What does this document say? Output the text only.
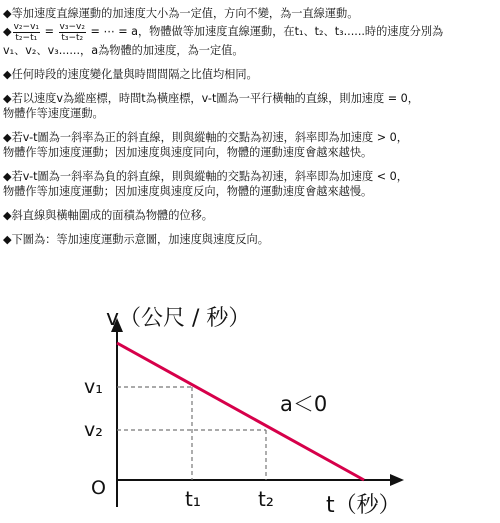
◆等加速度直線運動的加速度大小為一定值，方向不變，為一直線運動。

◆ $\frac{\text{v₂−v₁}}{\text{t₂−t₁}} = \frac{\text{v₃−v₂}}{\text{t₃−t₂}}$ = ⋯ = a，物體做等加速度直線運動，在t₁、t₂、t₃......時的速度分別為

v₁、v₂、v₃......，a為物體的加速度，為一定值。

◆任何時段的速度變化量與時間間隔之比值均相同。

◆若以速度v為縱座標，時間t為橫座標，v-t圖為一平行橫軸的直線，則加速度 = 0，

物體作等速度運動。

◆若v-t圖為一斜率為正的斜直線，則與縱軸的交點為初速，斜率即為加速度 > 0，

物體作等加速度運動；因加速度與速度同向，物體的運動速度會越來越快。

◆若v-t圖為一斜率為負的斜直線，則與縱軸的交點為初速，斜率即為加速度 < 0，

物體作等加速度運動；因加速度與速度反向，物體的運動速度會越來越慢。

◆斜直線與橫軸圍成的面積為物體的位移。

◆下圖為：等加速度運動示意圖，加速度與速度反向。

v（公尺 / 秒）
v₁
v₂
O	t₁	t₂ t（秒）
a＜0
